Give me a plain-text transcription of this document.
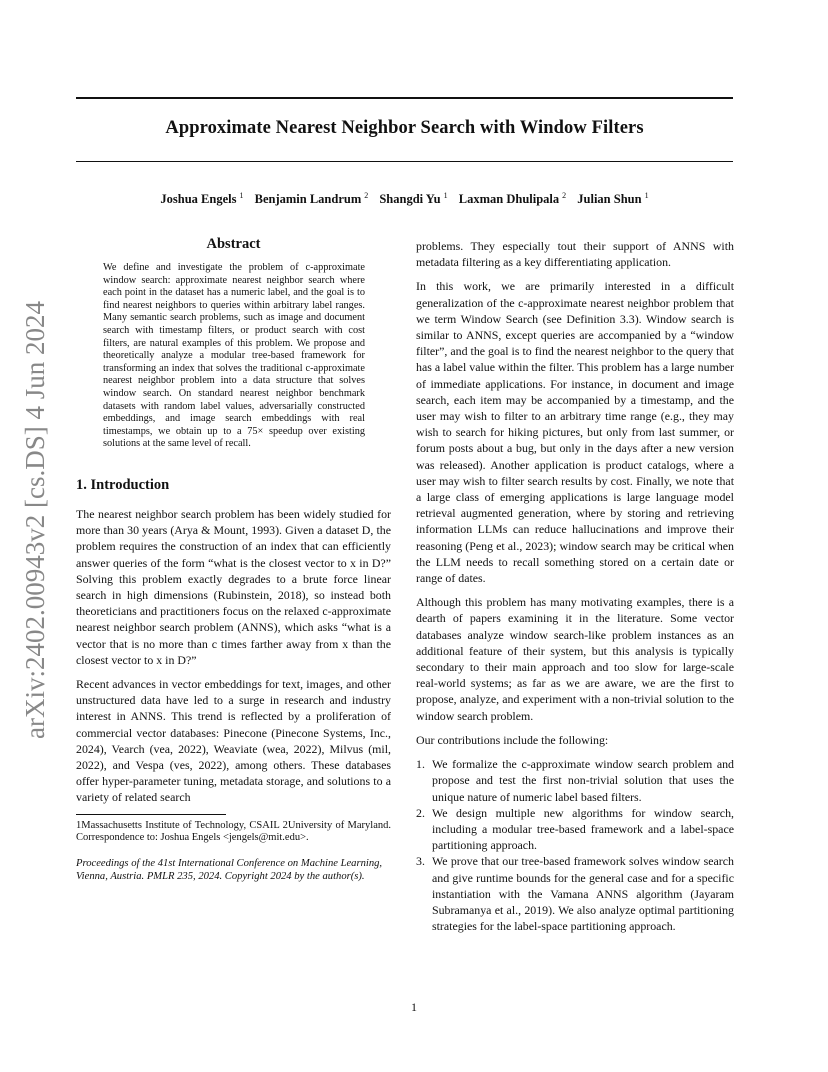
Approximate Nearest Neighbor Search with Window Filters
Joshua Engels $^1$ Benjamin Landrum $^2$ Shangdi Yu $^1$ Laxman Dhulipala $^2$ Julian Shun $^1$
arXiv:2402.00943v2 [cs.DS] 4 Jun 2024
Abstract

We define and investigate the problem of c-approximate window search: approximate nearest neighbor search where each point in the dataset has a numeric label, and the goal is to find nearest neighbors to queries within arbitrary label ranges. Many semantic search problems, such as image and document search with timestamp filters, or product search with cost filters, are natural examples of this problem. We propose and theoretically analyze a modular tree-based framework for transforming an index that solves the traditional c-approximate nearest neighbor problem into a data structure that solves window search. On standard nearest neighbor benchmark datasets with random label values, adversarially constructed embeddings, and image search embeddings with real timestamps, we obtain up to a 75× speedup over existing solutions at the same level of recall.

1. Introduction

The nearest neighbor search problem has been widely studied for more than 30 years (Arya & Mount, 1993). Given a dataset D, the problem requires the construction of an index that can efficiently answer queries of the form “what is the closest vector to x in D?” Solving this problem exactly degrades to a brute force linear search in high dimensions (Rubinstein, 2018), so instead both theoreticians and practitioners focus on the relaxed c-approximate nearest neighbor search problem (ANNS), which asks “what is a vector that is no more than c times farther away from x than the closest vector to x in D?”

Recent advances in vector embeddings for text, images, and other unstructured data have led to a surge in research and industry interest in ANNS. This trend is reflected by a proliferation of commercial vector databases: Pinecone (Pinecone Systems, Inc., 2024), Vearch (vea, 2022), Weaviate (wea, 2022), Milvus (mil, 2022), and Vespa (ves, 2022), among others. These databases offer hyper-parameter tuning, metadata storage, and solutions to a variety of related search

1Massachusetts Institute of Technology, CSAIL 2University of Maryland. Correspondence to: Joshua Engels <jengels@mit.edu>.

Proceedings of the 41st International Conference on Machine Learning, Vienna, Austria. PMLR 235, 2024. Copyright 2024 by the author(s).

problems. They especially tout their support of ANNS with metadata filtering as a key differentiating application.

In this work, we are primarily interested in a difficult generalization of the c-approximate nearest neighbor problem that we term Window Search (see Definition 3.3). Window search is similar to ANNS, except queries are accompanied by a “window filter”, and the goal is to find the nearest neighbor to the query that has a label value within the filter. This problem has a large number of immediate applications. For instance, in document and image search, each item may be accompanied by a timestamp, and the user may wish to filter to an arbitrary time range (e.g., they may wish to search for hiking pictures, but only from last summer, or forum posts about a bug, but only in the days after a new version was released). Another application is product catalogs, where a user may wish to filter search results by cost. Finally, we note that a large class of emerging applications is large language model retrieval augmented generation, where by storing and retrieving information LLMs can reduce hallucinations and improve their reasoning (Peng et al., 2023); window search may be critical when the LLM needs to recall something stored on a certain date or range of dates.

Although this problem has many motivating examples, there is a dearth of papers examining it in the literature. Some vector databases analyze window search-like problem instances as an additional feature of their system, but this analysis is typically secondary to their main approach and too slow for large-scale real-world systems; as far as we are aware, we are the first to propose, analyze, and experiment with a non-trivial solution to the window search problem.

Our contributions include the following:

1. We formalize the c-approximate window search problem and propose and test the first non-trivial solution that uses the unique nature of numeric label based filters.
2. We design multiple new algorithms for window search, including a modular tree-based framework and a label-space partitioning approach.
3. We prove that our tree-based framework solves window search and give runtime bounds for the general case and for a specific instantiation with the Vamana ANNS algorithm (Jayaram Subramanya et al., 2019). We also analyze optimal partitioning strategies for the label-space partitioning approach.
1
